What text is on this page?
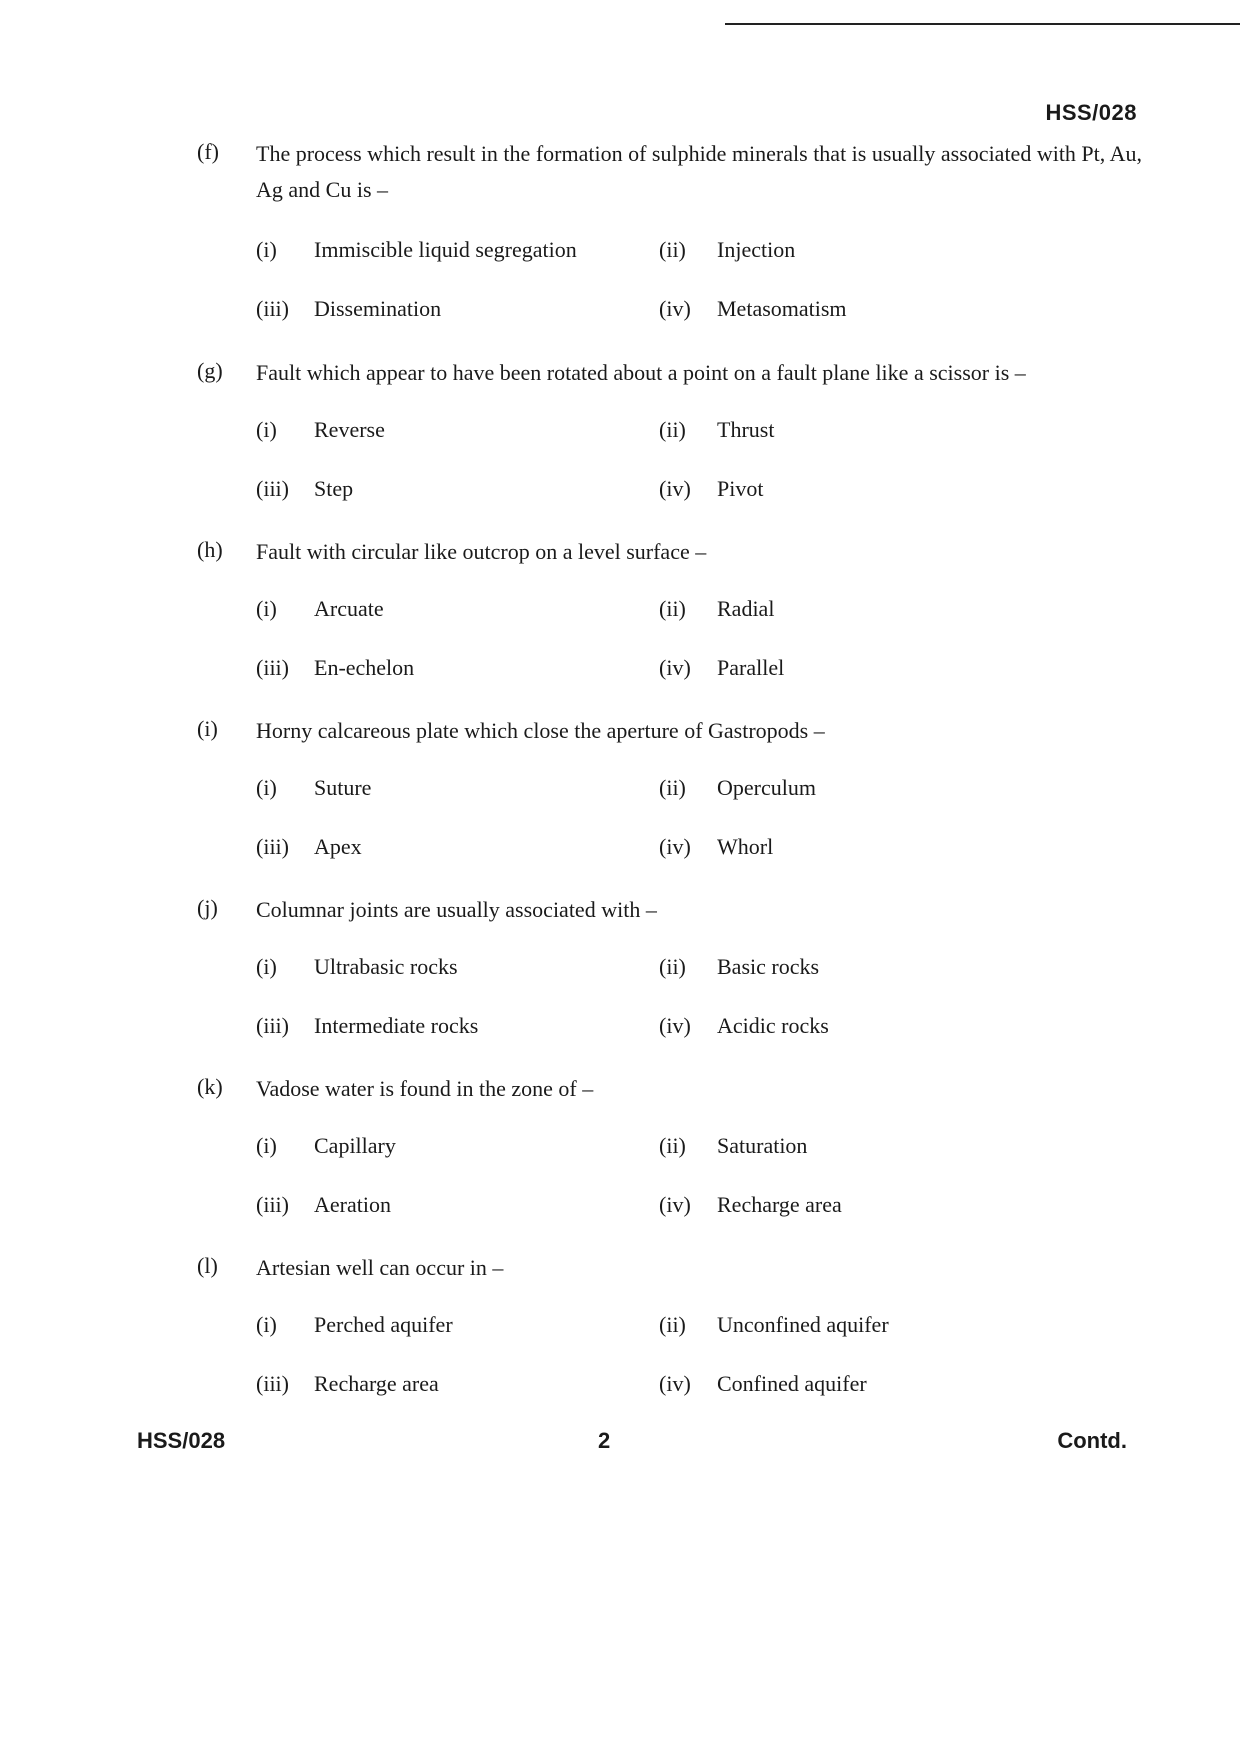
HSS/028
(f) The process which result in the formation of sulphide minerals that is usually associated with Pt, Au, Ag and Cu is –
(i) Immiscible liquid segregation	(ii) Injection
(iii) Dissemination	(iv) Metasomatism
(g) Fault which appear to have been rotated about a point on a fault plane like a scissor is –
(i) Reverse	(ii) Thrust
(iii) Step	(iv) Pivot
(h) Fault with circular like outcrop on a level surface –
(i) Arcuate	(ii) Radial
(iii) En-echelon	(iv) Parallel
(i) Horny calcareous plate which close the aperture of Gastropods –
(i) Suture	(ii) Operculum
(iii) Apex	(iv) Whorl
(j) Columnar joints are usually associated with –
(i) Ultrabasic rocks	(ii) Basic rocks
(iii) Intermediate rocks	(iv) Acidic rocks
(k) Vadose water is found in the zone of –
(i) Capillary	(ii) Saturation
(iii) Aeration	(iv) Recharge area
(l) Artesian well can occur in –
(i) Perched aquifer	(ii) Unconfined aquifer
(iii) Recharge area	(iv) Confined aquifer
HSS/028	2	Contd.
